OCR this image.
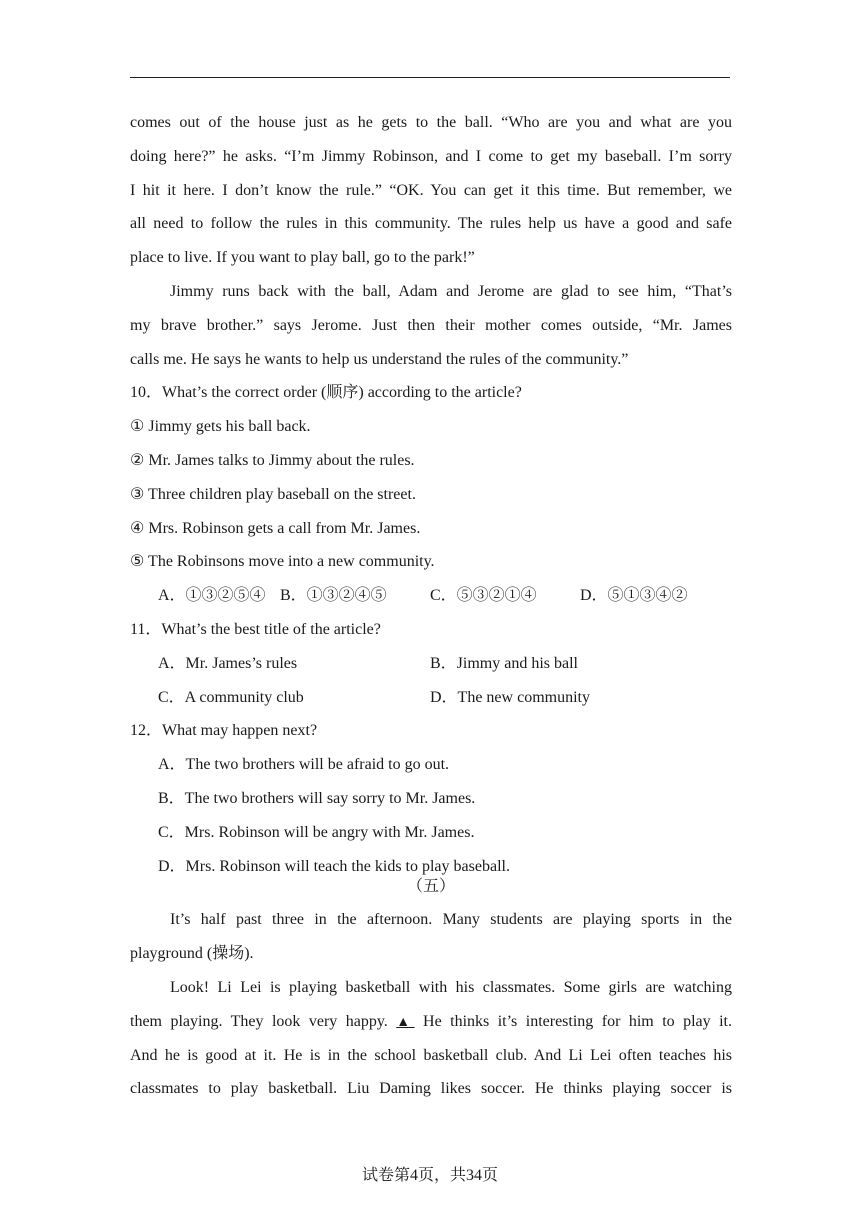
comes out of the house just as he gets to the ball. “Who are you and what are you
doing here?” he asks. “I’m Jimmy Robinson, and I come to get my baseball. I’m sorry
I hit it here. I don’t know the rule.” “OK. You can get it this time. But remember, we
all need to follow the rules in this community. The rules help us have a good and safe
place to live. If you want to play ball, go to the park!”
Jimmy runs back with the ball, Adam and Jerome are glad to see him, “That’s
my brave brother.” says Jerome. Just then their mother comes outside, “Mr. James
calls me. He says he wants to help us understand the rules of the community.”
10．What’s the correct order (顺序) according to the article?
① Jimmy gets his ball back.
② Mr. James talks to Jimmy about the rules.
③ Three children play baseball on the street.
④ Mrs. Robinson gets a call from Mr. James.
⑤ The Robinsons move into a new community.
A．①③②⑤④ B．①③②④⑤	C．⑤③②①④	D．⑤①③④②
11．What’s the best title of the article?
A．Mr. James’s rules	B．Jimmy and his ball
C．A community club	D．The new community
12．What may happen next?
A．The two brothers will be afraid to go out.
B．The two brothers will say sorry to Mr. James.
C．Mrs. Robinson will be angry with Mr. James.
D．Mrs. Robinson will teach the kids to play baseball.
（五）
It’s half past three in the afternoon. Many students are playing sports in the
playground (操场).
Look! Li Lei is playing basketball with his classmates. Some girls are watching
them playing. They look very happy. ▲ He thinks it’s interesting for him to play it.
And he is good at it. He is in the school basketball club. And Li Lei often teaches his
classmates to play basketball. Liu Daming likes soccer. He thinks playing soccer is
试卷第4页，共34页
